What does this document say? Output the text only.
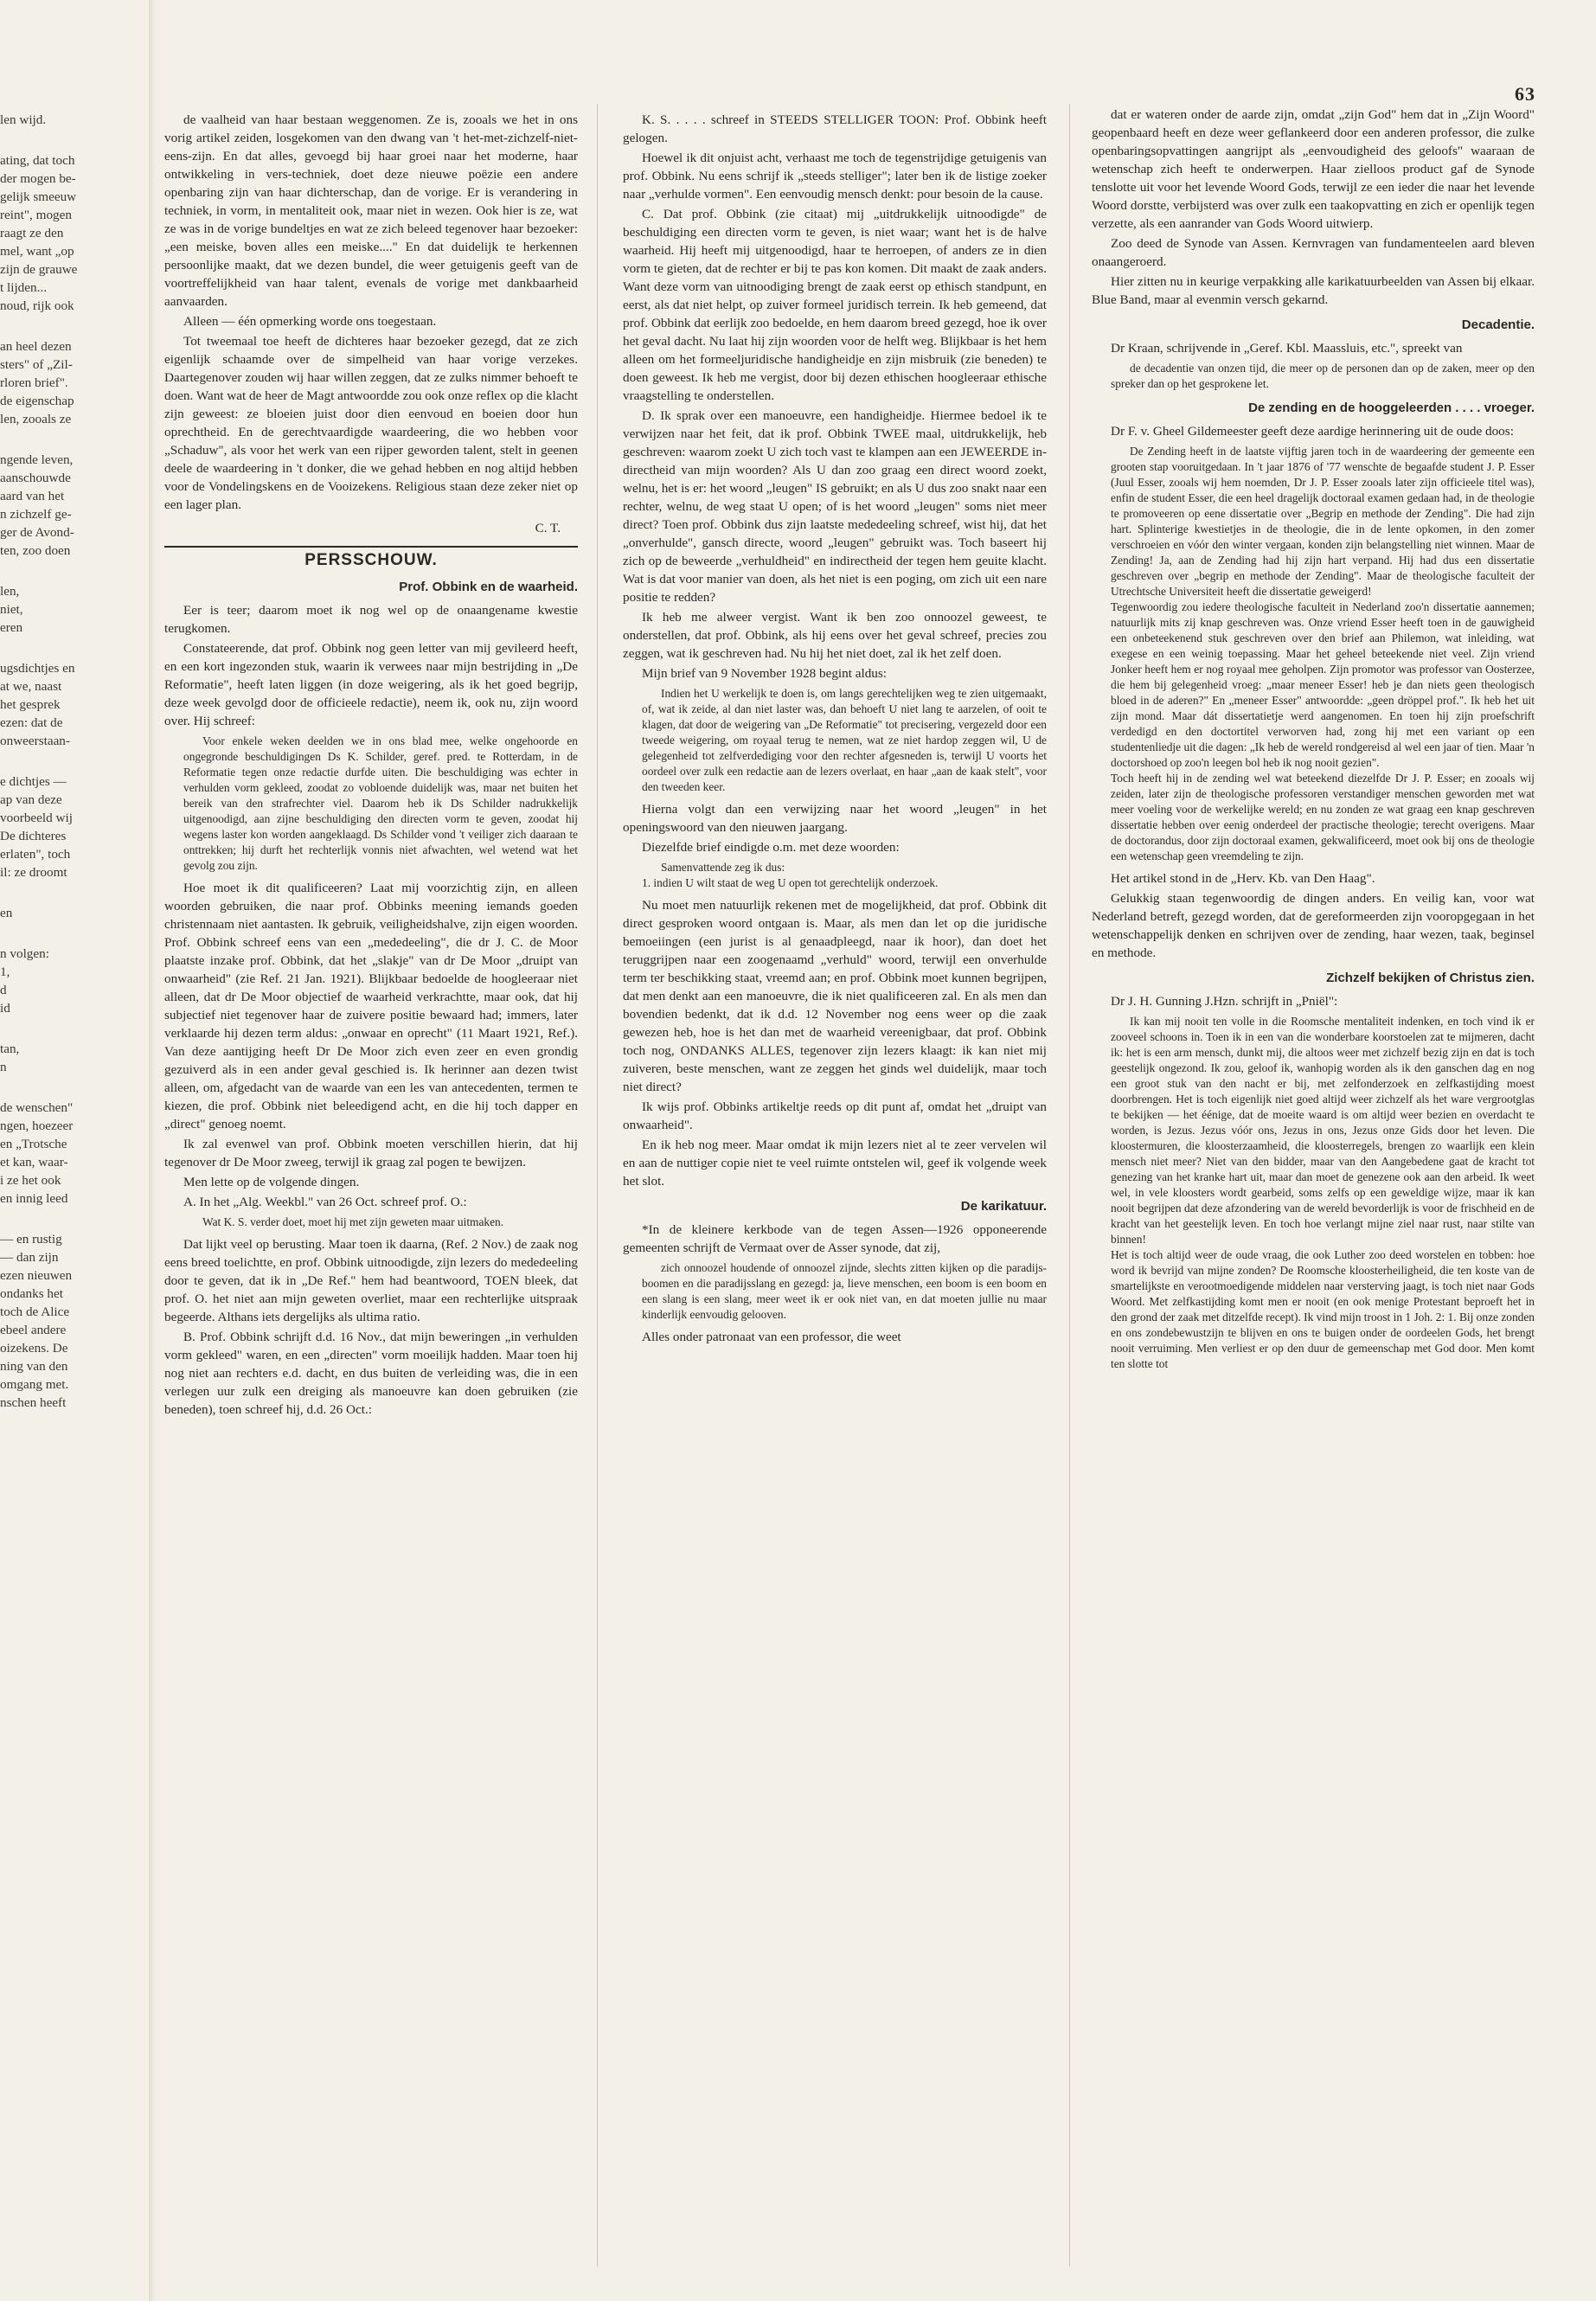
63

len wijd.

ating, dat toch
der mogen be-
gelijk smeeuw
reint", mogen
raagt ze den
mel, want „op
zijn de grauwe
t lijden...
noud, rijk ook

an heel dezen
sters" of „Zil-
rloren brief".
de eigenschap
len, zooals ze

ngende leven,
aanschouwde
aard van het
n zichzelf ge-
ger de Avond-
ten, zoo doen

len,
niet,
eren

ugsdichtjes en
at we, naast
het gesprek
ezen: dat de
onweerstaan-

e dichtjes —
ap van deze
voorbeeld wij
De dichteres
erlaten", toch
il: ze droomt

en

n volgen:
1,
d
id

tan,
n

de wenschen"
ngen, hoezeer
en „Trotsche
et kan, waar-
i ze het ook
en innig leed

— en rustig
— dan zijn
ezen nieuwen
ondanks het
toch de Alice
ebeel andere
oizekens. De
ning van den
omgang met.
nschen heeft

de vaalheid van haar bestaan weggenomen. Ze is, zooals we het in ons vorig artikel zeiden, losgekomen van den dwang van 't het-met-zichzelf-niet-eens-zijn. En dat alles, gevoegd bij haar groei naar het moderne, haar ontwikkeling in vers-techniek, doet deze nieuwe poëzie een andere openbaring zijn van haar dichterschap, dan de vorige. Er is verandering in techniek, in vorm, in mentaliteit ook, maar niet in wezen. Ook hier is ze, wat ze was in de vorige bundeltjes en wat ze zich beleed tegenover haar bezoeker: „een meiske, boven alles een meiske...." En dat duidelijk te herkennen persoonlijke maakt, dat we dezen bundel, die weer getuigenis geeft van de voortreffelijkheid van haar talent, evenals de vorige met dankbaarheid aanvaarden.

Alleen — één opmerking worde ons toegestaan.

Tot tweemaal toe heeft de dichteres haar bezoeker gezegd, dat ze zich eigenlijk schaamde over de simpelheid van haar vorige verzekes. Daartegenover zouden wij haar willen zeggen, dat ze zulks nimmer behoeft te doen. Want wat de heer de Magt antwoordde zou ook onze reflex op die klacht zijn geweest: ze bloeien juist door dien eenvoud en boeien door hun oprechtheid. En de gerechtvaardigde waardeering, die wo hebben voor „Schaduw", als voor het werk van een rijper geworden talent, stelt in geenen deele de waardeering in 't donker, die we gehad hebben en nog altijd hebben voor de Vondelingskens en de Vooizekens. Religious staan deze zeker niet op een lager plan.

C. T.

PERSSCHOUW.
Prof. Obbink en de waarheid.

Eer is teer; daarom moet ik nog wel op de onaangename kwestie terugkomen.

Constateerende, dat prof. Obbink nog geen letter van mij gevileerd heeft, en een kort ingezonden stuk, waarin ik verwees naar mijn bestrijding in „De Reformatie", heeft laten liggen (in doze weigering, als ik het goed begrijp, deze week gevolgd door de officieele redactie), neem ik, ook nu, zijn woord over. Hij schreef:

Voor enkele weken deelden we in ons blad mee, welke ongehoorde en ongegronde beschuldigingen Ds K. Schilder, geref. pred. te Rotterdam, in de Reformatie tegen onze redactie durfde uiten. Die beschuldiging was echter in verhulden vorm gekleed, zoodat zo vobloende duidelijk was, maar net buiten het bereik van den strafrechter viel. Daarom heb ik Ds Schilder nadrukkelijk uitgenoodigd, aan zijne beschuldiging den directen vorm te geven, zoodat hij wegens laster kon worden aangeklaagd. Ds Schilder vond 't veiliger zich daaraan te onttrekken; hij durft het rechterlijk vonnis niet afwachten, wel wetend wat het gevolg zou zijn.

Hoe moet ik dit qualificeeren? Laat mij voorzichtig zijn, en alleen woorden gebruiken, die naar prof. Obbinks meening iemands goeden christennaam niet aantasten. Ik gebruik, veiligheidshalve, zijn eigen woorden. Prof. Obbink schreef eens van een „mededeeling", die dr J. C. de Moor plaatste inzake prof. Obbink, dat het „slakje" van dr De Moor „druipt van onwaarheid" (zie Ref. 21 Jan. 1921). Blijkbaar bedoelde de hoogleeraar niet alleen, dat dr De Moor objectief de waarheid verkrachtte, maar ook, dat hij subjectief niet tegenover haar de zuivere positie bewaard had; immers, later verklaarde hij dezen term aldus: „onwaar en oprecht" (11 Maart 1921, Ref.). Van deze aantijging heeft Dr De Moor zich even zeer en even grondig gezuiverd als in een ander geval geschied is. Ik herinner aan dezen twist alleen, om, afgedacht van de waarde van een les van antecedenten, termen te kiezen, die prof. Obbink niet beleedigend acht, en die hij toch dapper en „direct" genoeg noemt.

Ik zal evenwel van prof. Obbink moeten verschillen hierin, dat hij tegenover dr De Moor zweeg, terwijl ik graag zal pogen te bewijzen.

Men lette op de volgende dingen.

A. In het „Alg. Weekbl." van 26 Oct. schreef prof. O.:

Wat K. S. verder doet, moet hij met zijn geweten maar uitmaken.

Dat lijkt veel op berusting. Maar toen ik daarna, (Ref. 2 Nov.) de zaak nog eens breed toelichtte, en prof. Obbink uitnoodigde, zijn lezers do mededeeling door te geven, dat ik in „De Ref." hem had beantwoord, TOEN bleek, dat prof. O. het niet aan mijn geweten overliet, maar een rechterlijke uitspraak begeerde. Althans iets dergelijks als ultima ratio.

B. Prof. Obbink schrijft d.d. 16 Nov., dat mijn beweringen „in verhulden vorm gekleed" waren, en een „directen" vorm moeilijk hadden. Maar toen hij nog niet aan rechters e.d. dacht, en dus buiten de verleiding was, die in een verlegen uur zulk een dreiging als manoeuvre kan doen gebruiken (zie beneden), toen schreef hij, d.d. 26 Oct.:

K. S. . . . . schreef in STEEDS STELLIGER TOON: Prof. Obbink heeft gelogen.

Hoewel ik dit onjuist acht, verhaast me toch de tegenstrijdige getuigenis van prof. Obbink. Nu eens schrijf ik „steeds stelliger"; later ben ik de listige zoeker naar „verhulde vormen". Een eenvoudig mensch denkt: pour besoin de la cause.

C. Dat prof. Obbink (zie citaat) mij „uitdrukkelijk uitnoodigde" de beschuldiging een directen vorm te geven, is niet waar; want het is de halve waarheid. Hij heeft mij uitgenoodigd, haar te herroepen, of anders ze in dien vorm te gieten, dat de rechter er bij te pas kon komen. Dit maakt de zaak anders. Want deze vorm van uitnoodiging brengt de zaak eerst op ethisch standpunt, en eerst, als dat niet helpt, op zuiver formeel juridisch terrein. Ik heb gemeend, dat prof. Obbink dat eerlijk zoo bedoelde, en hem daarom breed gezegd, hoe ik over het geval dacht. Nu laat hij zijn woorden voor de helft weg. Blijkbaar is het hem alleen om het formeeljuridische handigheidje en zijn misbruik (zie beneden) te doen geweest. Ik heb me vergist, door bij dezen ethischen hoogleeraar ethische vraagstelling te onderstellen.

D. Ik sprak over een manoeuvre, een handigheidje. Hiermee bedoel ik te verwijzen naar het feit, dat ik prof. Obbink TWEE maal, uitdrukkelijk, heb geschreven: waarom zoekt U zich toch vast te klampen aan een JEWEERDE in-directheid van mijn woorden? Als U dan zoo graag een direct woord zoekt, welnu, het is er: het woord „leugen" IS gebruikt; en als U dus zoo snakt naar een rechter, welnu, de weg staat U open; of is het woord „leugen" soms niet meer direct? Toen prof. Obbink dus zijn laatste mededeeling schreef, wist hij, dat het „onverhulde", gansch directe, woord „leugen" gebruikt was. Toch baseert hij zich op de beweerde „verhuldheid" en indirectheid der tegen hem geuite klacht. Wat is dat voor manier van doen, als het niet is een poging, om zich uit een nare positie te redden?

Ik heb me alweer vergist. Want ik ben zoo onnoozel geweest, te onderstellen, dat prof. Obbink, als hij eens over het geval schreef, precies zou zeggen, wat ik geschreven had. Nu hij het niet doet, zal ik het zelf doen.

Mijn brief van 9 November 1928 begint aldus:

Indien het U werkelijk te doen is, om langs gerechtelijken weg te zien uitgemaakt, of, wat ik zeide, al dan niet laster was, dan behoeft U niet lang te aarzelen, of ooit te klagen, dat door de weigering van „De Reformatie" tot precisering, vergezeld door een tweede weigering, om royaal terug te nemen, wat ze niet hardop zeggen wil, U de gelegenheid tot zelfverdediging voor den rechter afgesneden is, terwijl U voorts het oordeel over zulk een redactie aan de lezers overlaat, en haar „aan de kaak stelt", voor den tweeden keer.

Hierna volgt dan een verwijzing naar het woord „leugen" in het openingswoord van den nieuwen jaargang.

Diezelfde brief eindigde o.m. met deze woorden:

Samenvattende zeg ik dus:
1. indien U wilt staat de weg U open tot gerechtelijk onderzoek.

Nu moet men natuurlijk rekenen met de mogelijkheid, dat prof. Obbink dit direct gesproken woord ontgaan is. Maar, als men dan let op die juridische bemoeiingen (een jurist is al genaadpleegd, naar ik hoor), dan doet het teruggrijpen naar een zoogenaamd „verhuld" woord, terwijl een onverhulde term ter beschikking staat, vreemd aan; en prof. Obbink moet kunnen begrijpen, dat men denkt aan een manoeuvre, die ik niet qualificeeren zal. En als men dan bovendien bedenkt, dat ik d.d. 12 November nog eens weer op die zaak gewezen heb, hoe is het dan met de waarheid vereenigbaar, dat prof. Obbink toch nog, ONDANKS ALLES, tegenover zijn lezers klaagt: ik kan niet mij zuiveren, beste menschen, want ze zeggen het ginds wel duidelijk, maar toch niet direct?

Ik wijs prof. Obbinks artikeltje reeds op dit punt af, omdat het „druipt van onwaarheid".

En ik heb nog meer. Maar omdat ik mijn lezers niet al te zeer vervelen wil en aan de nuttiger copie niet te veel ruimte ontstelen wil, geef ik volgende week het slot.

De karikatuur.

*In de kleinere kerkbode van de tegen Assen—1926 opponeerende gemeenten schrijft de Vermaat over de Asser synode, dat zij,

zich onnoozel houdende of onnoozel zijnde, slechts zitten kijken op die paradijs-boomen en die paradijsslang en gezegd: ja, lieve menschen, een boom is een boom en een slang is een slang, meer weet ik er ook niet van, en dat moeten jullie nu maar kinderlijk eenvoudig gelooven.

Alles onder patronaat van een professor, die weet

dat er wateren onder de aarde zijn, omdat „zijn God" hem dat in „Zijn Woord" geopenbaard heeft en deze weer geflankeerd door een anderen professor, die zulke openbaringsopvattingen aangrijpt als „eenvoudigheid des geloofs" waaraan de wetenschap zich heeft te onderwerpen. Haar zielloos product gaf de Synode tenslotte uit voor het levende Woord Gods, terwijl ze een ieder die naar het levende Woord dorstte, verbijsterd was over zulk een taakopvatting en zich er openlijk tegen verzette, als een aanrander van Gods Woord uitwierp.

Zoo deed de Synode van Assen. Kernvragen van fundamenteelen aard bleven onaangeroerd.

Hier zitten nu in keurige verpakking alle karikatuurbeelden van Assen bij elkaar. Blue Band, maar al evenmin versch gekarnd.

Decadentie.

Dr Kraan, schrijvende in „Geref. Kbl. Maassluis, etc.", spreekt van

de decadentie van onzen tijd, die meer op de personen dan op de zaken, meer op den spreker dan op het gesprokene let.

De zending en de hooggeleerden . . . . vroeger.

Dr F. v. Gheel Gildemeester geeft deze aardige herinnering uit de oude doos:

De Zending heeft in de laatste vijftig jaren toch in de waardeering der gemeente een grooten stap vooruitgedaan. In 't jaar 1876 of '77 wenschte de begaafde student J. P. Esser (Juul Esser, zooals wij hem noemden, Dr J. P. Esser zooals later zijn officieele titel was), enfin de student Esser, die een heel dragelijk doctoraal examen gedaan had, in de theologie te promoveeren op eene dissertatie over „Begrip en methode der Zending". Die had zijn hart. Splinterige kwestietjes in de theologie, die in de lente opkomen, in den zomer verschroeien en vóór den winter vergaan, konden zijn belangstelling niet winnen. Maar de Zending! Ja, aan de Zending had hij zijn hart verpand. Hij had dus een dissertatie geschreven over „begrip en methode der Zending". Maar de theologische faculteit der Utrechtsche Universiteit heeft die dissertatie geweigerd!
Tegenwoordig zou iedere theologische faculteit in Nederland zoo'n dissertatie aannemen; natuurlijk mits zij knap geschreven was. Onze vriend Esser heeft toen in de gauwigheid een onbeteekenend stuk geschreven over den brief aan Philemon, wat inleiding, wat exegese en een weinig toepassing. Maar het geheel beteekende niet veel. Zijn vriend Jonker heeft hem er nog royaal mee geholpen. Zijn promotor was professor van Oosterzee, die hem bij gelegenheid vroeg: „maar meneer Esser! heb je dan niets geen theologisch bloed in de aderen?" En „meneer Esser" antwoordde: „geen dröppel prof.". Ik heb het uit zijn mond. Maar dát dissertatietje werd aangenomen. En toen hij zijn proefschrift verdedigd en den doctortitel verworven had, zong hij met een variant op een studentenliedje uit die dagen: „Ik heb de wereld rondgereisd al wel een jaar of tien. Maar 'n doctorshoed op zoo'n leegen bol heb ik nog nooit gezien".
Toch heeft hij in de zending wel wat beteekend diezelfde Dr J. P. Esser; en zooals wij zeiden, later zijn de theologische professoren verstandiger menschen geworden met wat meer voeling voor de werkelijke wereld; en nu zonden ze wat graag een knap geschreven dissertatie hebben over eenig onderdeel der practische theologie; terecht overigens. Maar de doctorandus, door zijn doctoraal examen, gekwalificeerd, moet ook bij ons de theologie een wetenschap geen vreemdeling te zijn.

Het artikel stond in de „Herv. Kb. van Den Haag".

Gelukkig staan tegenwoordig de dingen anders. En veilig kan, voor wat Nederland betreft, gezegd worden, dat de gereformeerden zijn vooropgegaan in het wetenschappelijk denken en schrijven over de zending, haar wezen, taak, beginsel en methode.

Zichzelf bekijken of Christus zien.

Dr J. H. Gunning J.Hzn. schrijft in „Pniël":

Ik kan mij nooit ten volle in die Roomsche mentaliteit indenken, en toch vind ik er zooveel schoons in. Toen ik in een van die wonderbare koorstoelen zat te mijmeren, dacht ik: het is een arm mensch, dunkt mij, die altoos weer met zichzelf bezig zijn en dat is toch geestelijk ongezond. Ik zou, geloof ik, wanhopig worden als ik den ganschen dag en nog een groot stuk van den nacht er bij, met zelfonderzoek en zelfkastijding moest doorbrengen. Het is toch eigenlijk niet goed altijd weer zichzelf als het ware vergrootglas te bekijken — het éénige, dat de moeite waard is om altijd weer bezien en overdacht te worden, is Jezus. Jezus vóór ons, Jezus in ons, Jezus onze Gids door het leven. Die kloostermuren, die kloosterzaamheid, die kloosterregels, brengen zo waarlijk een klein mensch niet meer? Niet van den bidder, maar van den Aangebedene gaat de kracht tot genezing van het kranke hart uit, maar dan moet de genezene ook aan den arbeid. Ik weet wel, in vele kloosters wordt gearbeid, soms zelfs op een geweldige wijze, maar ik kan nooit begrijpen dat deze afzondering van de wereld bevorderlijk is voor de frischheid en de kracht van het geestelijk leven. En toch hoe verlangt mijne ziel naar rust, naar stilte van binnen!
Het is toch altijd weer de oude vraag, die ook Luther zoo deed worstelen en tobben: hoe word ik bevrijd van mijne zonden? De Roomsche kloosterheiligheid, die ten koste van de smartelijkste en verootmoedigende middelen naar versterving jaagt, is toch niet naar Gods Woord. Met zelfkastijding komt men er nooit (en ook menige Protestant beproeft het in den grond der zaak met ditzelfde recept). Ik vind mijn troost in 1 Joh. 2: 1. Bij onze zonden en ons zondebewustzijn te blijven en ons te buigen onder de oordeelen Gods, het brengt nooit verruiming. Men verliest er op den duur de gemeenschap met God door. Men komt ten slotte tot
